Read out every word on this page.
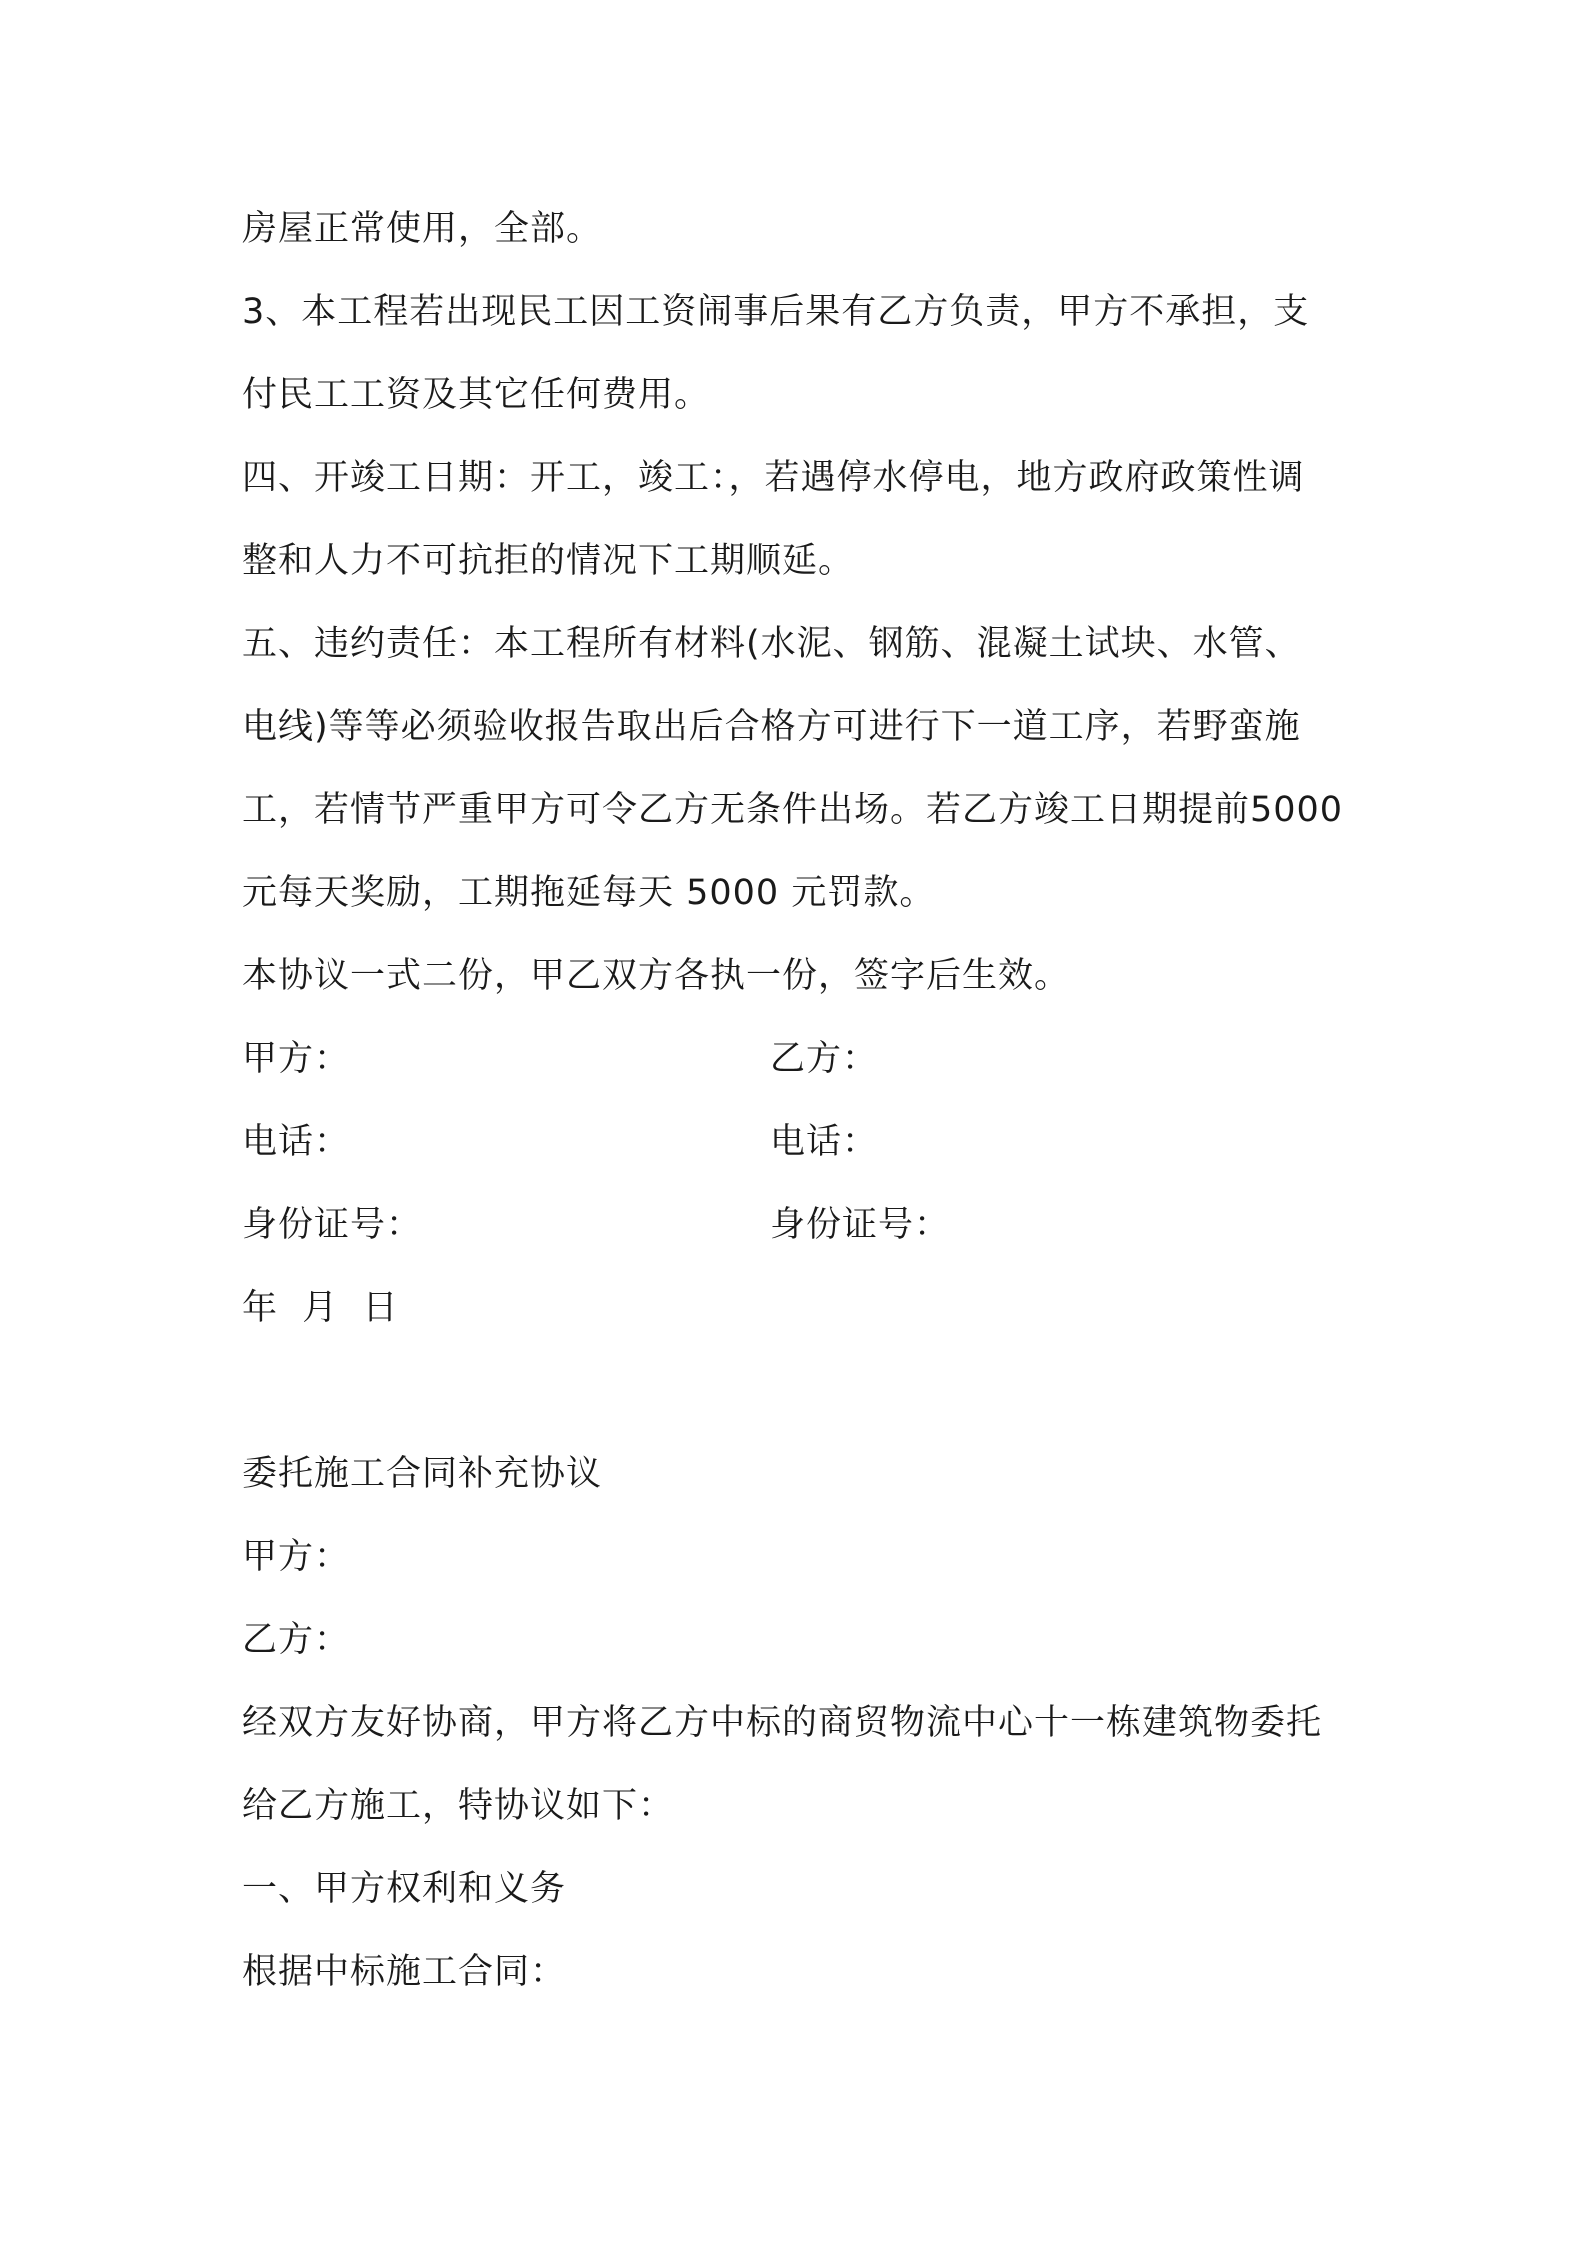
房屋正常使用，全部。
3、本工程若出现民工因工资闹事后果有乙方负责，甲方不承担，支
付民工工资及其它任何费用。
四、开竣工日期：开工，竣工：，若遇停水停电，地方政府政策性调
整和人力不可抗拒的情况下工期顺延。
五、违约责任：本工程所有材料(水泥、钢筋、混凝土试块、水管、
电线)等等必须验收报告取出后合格方可进行下一道工序，若野蛮施
工，若情节严重甲方可令乙方无条件出场。若乙方竣工日期提前5000
元每天奖励，工期拖延每天 5000 元罚款。
本协议一式二份，甲乙双方各执一份，签字后生效。
甲方：	乙方：
电话：	电话：
身份证号：	身份证号：
年  月  日
委托施工合同补充协议
甲方：
乙方：
经双方友好协商，甲方将乙方中标的商贸物流中心十一栋建筑物委托
给乙方施工，特协议如下：
一、甲方权利和义务
根据中标施工合同：
